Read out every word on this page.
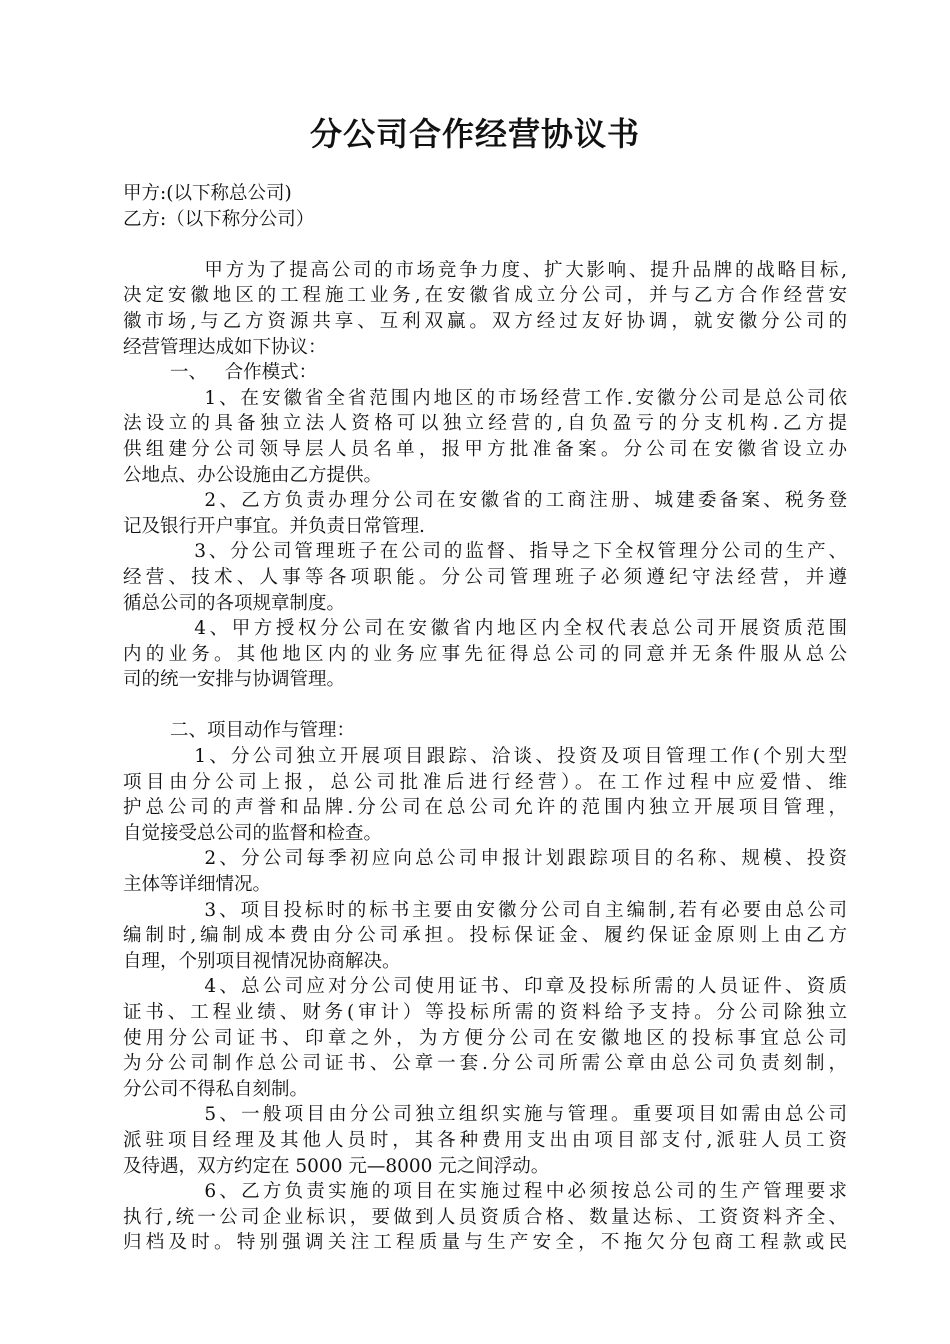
分公司合作经营协议书
甲方:(以下称总公司)
乙方:（以下称分公司）
甲方为了提高公司的市场竞争力度、扩大影响、提升品牌的战略目标,
决定安徽地区的工程施工业务,在安徽省成立分公司，并与乙方合作经营安
徽市场,与乙方资源共享、互利双赢。双方经过友好协调，就安徽分公司的
经营管理达成如下协议：
一、   合作模式：
1、在安徽省全省范围内地区的市场经营工作.安徽分公司是总公司依
法设立的具备独立法人资格可以独立经营的,自负盈亏的分支机构.乙方提
供组建分公司领导层人员名单，报甲方批准备案。分公司在安徽省设立办
公地点、办公设施由乙方提供。
2、乙方负责办理分公司在安徽省的工商注册、城建委备案、税务登
记及银行开户事宜。并负责日常管理.
3、分公司管理班子在公司的监督、指导之下全权管理分公司的生产、
经营、技术、人事等各项职能。分公司管理班子必须遵纪守法经营，并遵
循总公司的各项规章制度。
4、甲方授权分公司在安徽省内地区内全权代表总公司开展资质范围
内的业务。其他地区内的业务应事先征得总公司的同意并无条件服从总公
司的统一安排与协调管理。
二、项目动作与管理：
1、分公司独立开展项目跟踪、洽谈、投资及项目管理工作(个别大型
项目由分公司上报，总公司批准后进行经营）。在工作过程中应爱惜、维
护总公司的声誉和品牌.分公司在总公司允许的范围内独立开展项目管理，
自觉接受总公司的监督和检查。
2、分公司每季初应向总公司申报计划跟踪项目的名称、规模、投资
主体等详细情况。
3、项目投标时的标书主要由安徽分公司自主编制,若有必要由总公司
编制时,编制成本费由分公司承担。投标保证金、履约保证金原则上由乙方
自理，个别项目视情况协商解决。
4、总公司应对分公司使用证书、印章及投标所需的人员证件、资质
证书、工程业绩、财务(审计）等投标所需的资料给予支持。分公司除独立
使用分公司证书、印章之外，为方便分公司在安徽地区的投标事宜总公司
为分公司制作总公司证书、公章一套.分公司所需公章由总公司负责刻制，
分公司不得私自刻制。
5、一般项目由分公司独立组织实施与管理。重要项目如需由总公司
派驻项目经理及其他人员时，其各种费用支出由项目部支付,派驻人员工资
及待遇，双方约定在 5000 元—8000 元之间浮动。
6、乙方负责实施的项目在实施过程中必须按总公司的生产管理要求
执行,统一公司企业标识，要做到人员资质合格、数量达标、工资资料齐全、
归档及时。特别强调关注工程质量与生产安全，不拖欠分包商工程款或民
